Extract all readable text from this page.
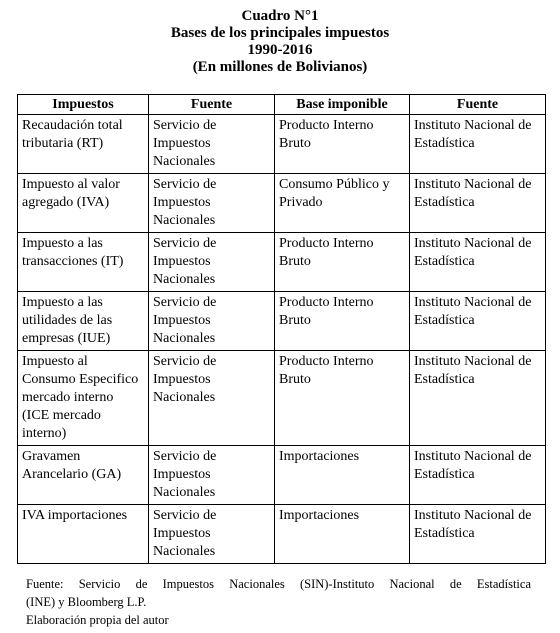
Cuadro N°1
Bases de los principales impuestos
1990-2016
(En millones de Bolivianos)
Impuestos	Fuente	Base imponible	Fuente
Recaudación total tributaria (RT)	Servicio de Impuestos Nacionales	Producto Interno Bruto	Instituto Nacional de Estadística
Impuesto al valor agregado (IVA)	Servicio de Impuestos Nacionales	Consumo Público y Privado	Instituto Nacional de Estadística
Impuesto a las transacciones (IT)	Servicio de Impuestos Nacionales	Producto Interno Bruto	Instituto Nacional de Estadística
Impuesto a las utilidades de las empresas (IUE)	Servicio de Impuestos Nacionales	Producto Interno Bruto	Instituto Nacional de Estadística
Impuesto al Consumo Especifico mercado interno (ICE mercado interno)	Servicio de Impuestos Nacionales	Producto Interno Bruto	Instituto Nacional de Estadística
Gravamen Arancelario (GA)	Servicio de Impuestos Nacionales	Importaciones	Instituto Nacional de Estadística
IVA importaciones	Servicio de Impuestos Nacionales	Importaciones	Instituto Nacional de Estadística
Fuente: Servicio de Impuestos Nacionales (SIN)-Instituto Nacional de Estadística
(INE) y Bloomberg L.P.
Elaboración propia del autor
